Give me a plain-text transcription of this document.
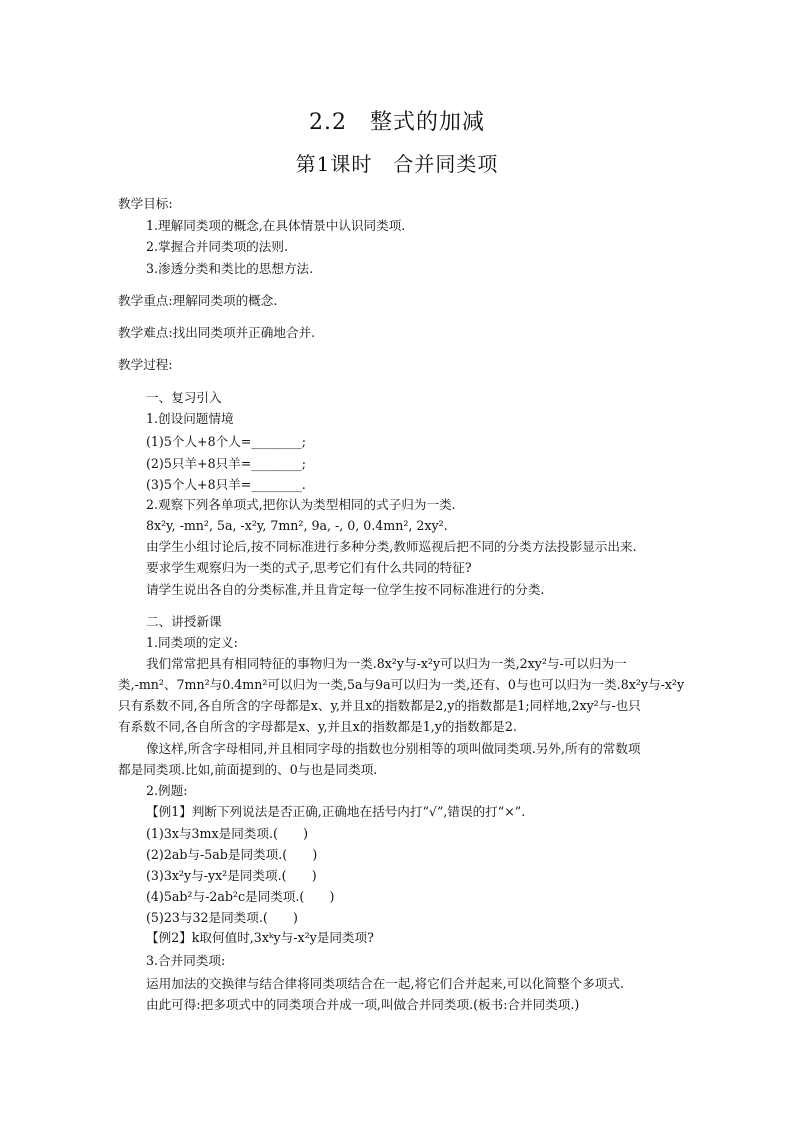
2.2　整式的加减
第1课时　合并同类项
教学目标:
1.理解同类项的概念,在具体情景中认识同类项.
2.掌握合并同类项的法则.
3.渗透分类和类比的思想方法.
教学重点:理解同类项的概念.
教学难点:找出同类项并正确地合并.
教学过程:
一、复习引入
1.创设问题情境
(1)5个人+8个人=________;
(2)5只羊+8只羊=________;
(3)5个人+8只羊=________.
2.观察下列各单项式,把你认为类型相同的式子归为一类.
8x²y, -mn², 5a, -x²y, 7mn², 9a, -, 0, 0.4mn², 2xy².
由学生小组讨论后,按不同标准进行多种分类,教师巡视后把不同的分类方法投影显示出来.
要求学生观察归为一类的式子,思考它们有什么共同的特征?
请学生说出各自的分类标准,并且肯定每一位学生按不同标准进行的分类.
二、讲授新课
1.同类项的定义:
我们常常把具有相同特征的事物归为一类.8x²y与-x²y可以归为一类,2xy²与-可以归为一
类,-mn²、7mn²与0.4mn²可以归为一类,5a与9a可以归为一类,还有、0与也可以归为一类.8x²y与-x²y
只有系数不同,各自所含的字母都是x、y,并且x的指数都是2,y的指数都是1;同样地,2xy²与-也只
有系数不同,各自所含的字母都是x、y,并且x的指数都是1,y的指数都是2.
像这样,所含字母相同,并且相同字母的指数也分别相等的项叫做同类项.另外,所有的常数项
都是同类项.比如,前面提到的、0与也是同类项.
2.例题:
【例1】判断下列说法是否正确,正确地在括号内打“√”,错误的打“×”.
(1)3x与3mx是同类项.(　　)
(2)2ab与-5ab是同类项.(　　)
(3)3x²y与-yx²是同类项.(　　)
(4)5ab²与-2ab²c是同类项.(　　)
(5)23与32是同类项.(　　)
【例2】k取何值时,3xᵏy与-x²y是同类项?
3.合并同类项:
运用加法的交换律与结合律将同类项结合在一起,将它们合并起来,可以化简整个多项式.
由此可得:把多项式中的同类项合并成一项,叫做合并同类项.(板书:合并同类项.)
